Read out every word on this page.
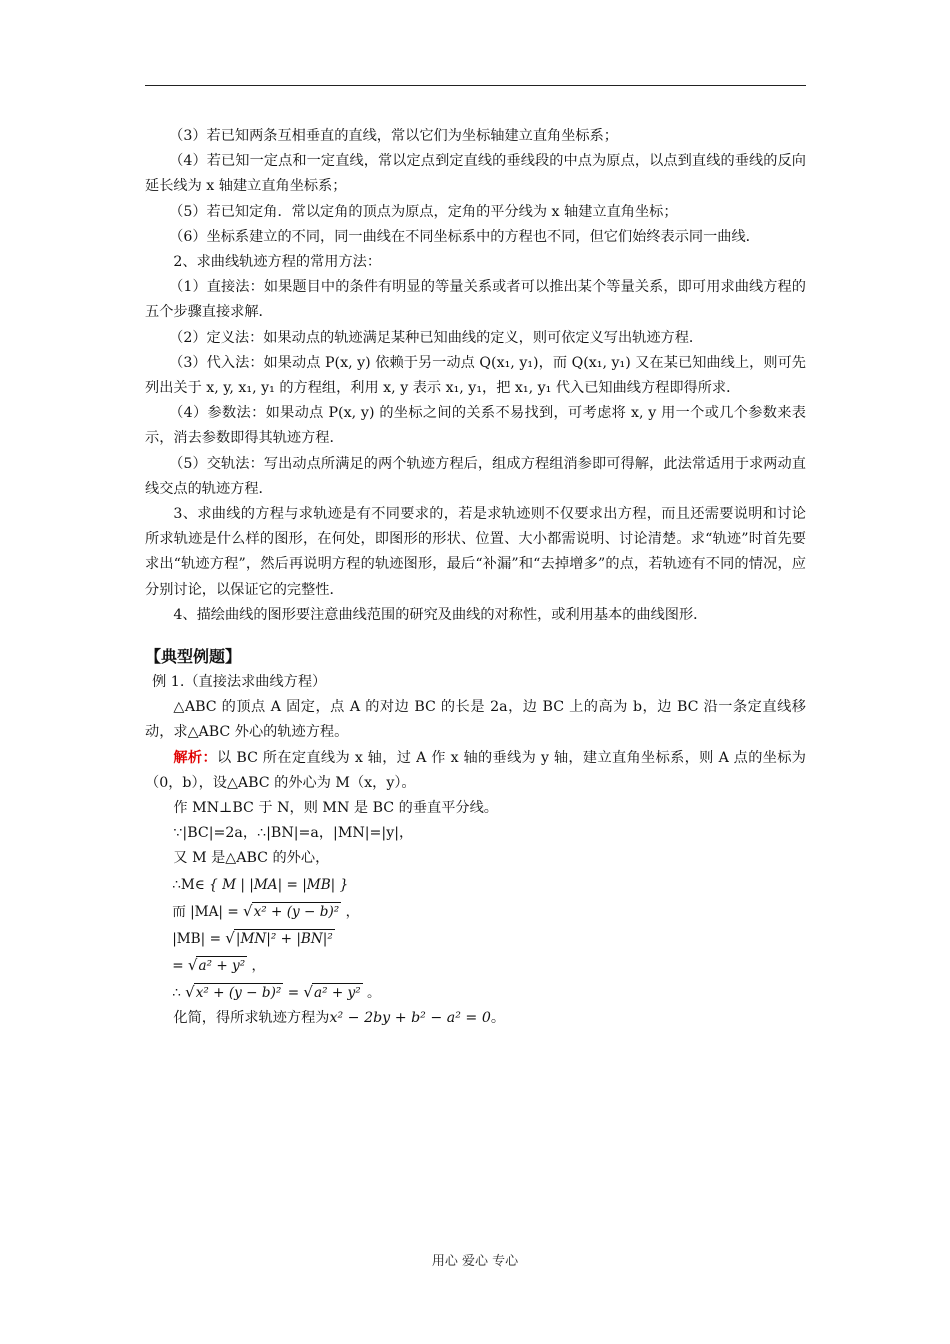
（3）若已知两条互相垂直的直线，常以它们为坐标轴建立直角坐标系；

（4）若已知一定点和一定直线，常以定点到定直线的垂线段的中点为原点，以点到直线的垂线的反向延长线为 x 轴建立直角坐标系；

（5）若已知定角．常以定角的顶点为原点，定角的平分线为 x 轴建立直角坐标；

（6）坐标系建立的不同，同一曲线在不同坐标系中的方程也不同，但它们始终表示同一曲线．

2、求曲线轨迹方程的常用方法：

（1）直接法：如果题目中的条件有明显的等量关系或者可以推出某个等量关系，即可用求曲线方程的五个步骤直接求解．

（2）定义法：如果动点的轨迹满足某种已知曲线的定义，则可依定义写出轨迹方程．

（3）代入法：如果动点 P(x, y) 依赖于另一动点 Q(x₁, y₁)，而 Q(x₁, y₁) 又在某已知曲线上，则可先列出关于 x, y, x₁, y₁ 的方程组，利用 x, y 表示 x₁, y₁，把 x₁, y₁ 代入已知曲线方程即得所求．

（4）参数法：如果动点 P(x, y) 的坐标之间的关系不易找到，可考虑将 x, y 用一个或几个参数来表示，消去参数即得其轨迹方程．

（5）交轨法：写出动点所满足的两个轨迹方程后，组成方程组消参即可得解，此法常适用于求两动直线交点的轨迹方程．

3、求曲线的方程与求轨迹是有不同要求的，若是求轨迹则不仅要求出方程，而且还需要说明和讨论所求轨迹是什么样的图形，在何处，即图形的形状、位置、大小都需说明、讨论清楚。求“轨迹”时首先要求出“轨迹方程”，然后再说明方程的轨迹图形，最后“补漏”和“去掉增多”的点，若轨迹有不同的情况，应分别讨论，以保证它的完整性．

4、描绘曲线的图形要注意曲线范围的研究及曲线的对称性，或利用基本的曲线图形．

【典型例题】

例 1.（直接法求曲线方程）

△ABC 的顶点 A 固定，点 A 的对边 BC 的长是 2a，边 BC 上的高为 b，边 BC 沿一条定直线移动，求△ABC 外心的轨迹方程。

解析：以 BC 所在定直线为 x 轴，过 A 作 x 轴的垂线为 y 轴，建立直角坐标系，则 A 点的坐标为（0，b），设△ABC 的外心为 M（x，y）。

作 MN⊥BC 于 N，则 MN 是 BC 的垂直平分线。

∵|BC|=2a，∴|BN|=a，|MN|=|y|，

又 M 是△ABC 的外心，

∴M∈ { M | |MA| = |MB| }

而 |MA| = √x² + (y − b)² ，

|MB| = √|MN|² + |BN|²

= √a² + y² ，

∴ √x² + (y − b)² = √a² + y² 。

化简，得所求轨迹方程为x² − 2by + b² − a² = 0。

用心 爱心 专心
